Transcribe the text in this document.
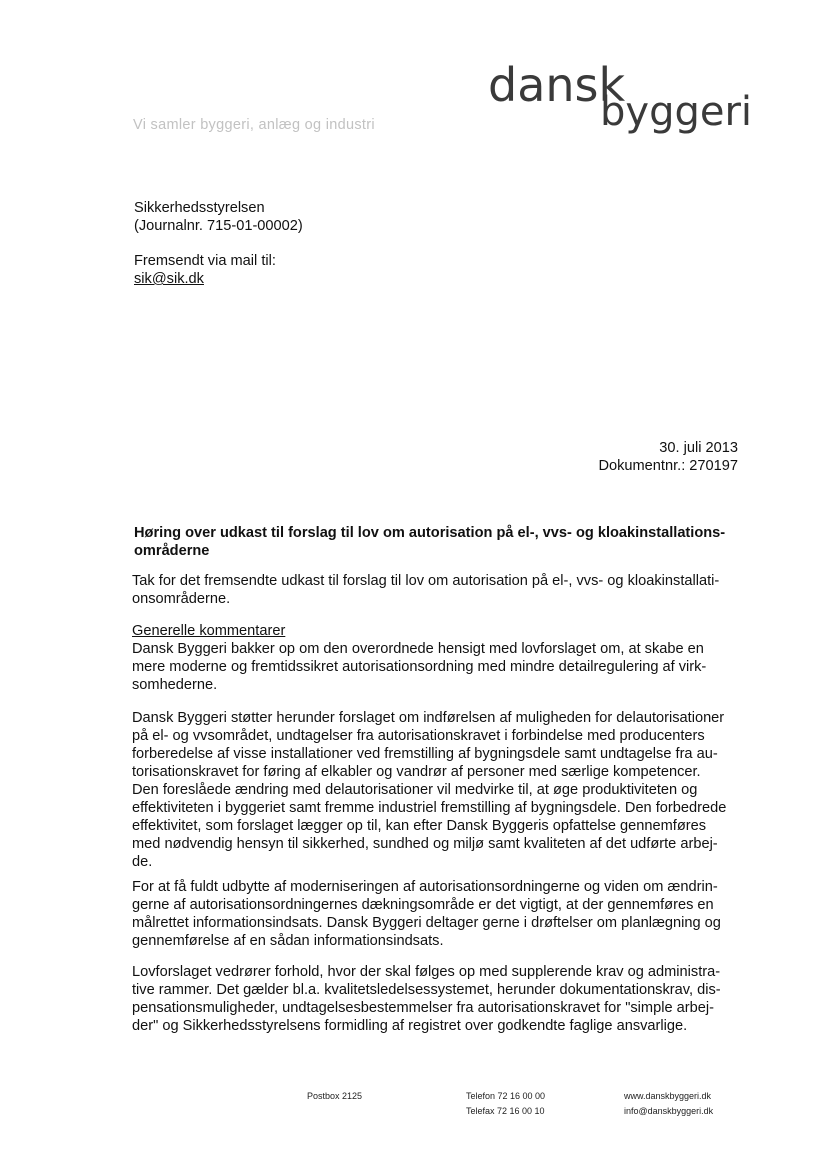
dansk
byggeri
Vi samler byggeri, anlæg og industri
Sikkerhedsstyrelsen
(Journalnr. 715-01-00002)
Fremsendt via mail til:
sik@sik.dk
30. juli 2013
Dokumentnr.: 270197
Høring over udkast til forslag til lov om autorisation på el-, vvs- og kloakinstallations-
områderne
Tak for det fremsendte udkast til forslag til lov om autorisation på el-, vvs- og kloakinstallati-
onsområderne.
Generelle kommentarer
Dansk Byggeri bakker op om den overordnede hensigt med lovforslaget om, at skabe en
mere moderne og fremtidssikret autorisationsordning med mindre detailregulering af virk-
somhederne.
Dansk Byggeri støtter herunder forslaget om indførelsen af muligheden for delautorisationer
på el- og vvsområdet, undtagelser fra autorisationskravet i forbindelse med producenters
forberedelse af visse installationer ved fremstilling af bygningsdele samt undtagelse fra au-
torisationskravet for føring af elkabler og vandrør af personer med særlige kompetencer.
Den foreslåede ændring med delautorisationer vil medvirke til, at øge produktiviteten og
effektiviteten i byggeriet samt fremme industriel fremstilling af bygningsdele. Den forbedrede
effektivitet, som forslaget lægger op til, kan efter Dansk Byggeris opfattelse gennemføres
med nødvendig hensyn til sikkerhed, sundhed og miljø samt kvaliteten af det udførte arbej-
de.
For at få fuldt udbytte af moderniseringen af autorisationsordningerne og viden om ændrin-
gerne af autorisationsordningernes dækningsområde er det vigtigt, at der gennemføres en
målrettet informationsindsats. Dansk Byggeri deltager gerne i drøftelser om planlægning og
gennemførelse af en sådan informationsindsats.
Lovforslaget vedrører forhold, hvor der skal følges op med supplerende krav og administra-
tive rammer. Det gælder bl.a. kvalitetsledelsessystemet, herunder dokumentationskrav, dis-
pensationsmuligheder, undtagelsesbestemmelser fra autorisationskravet for "simple arbej-
der" og Sikkerhedsstyrelsens formidling af registret over godkendte faglige ansvarlige.
Postbox 2125	Telefon 72 16 00 00
Telefax 72 16 00 10
www.danskbyggeri.dk
info@danskbyggeri.dk
